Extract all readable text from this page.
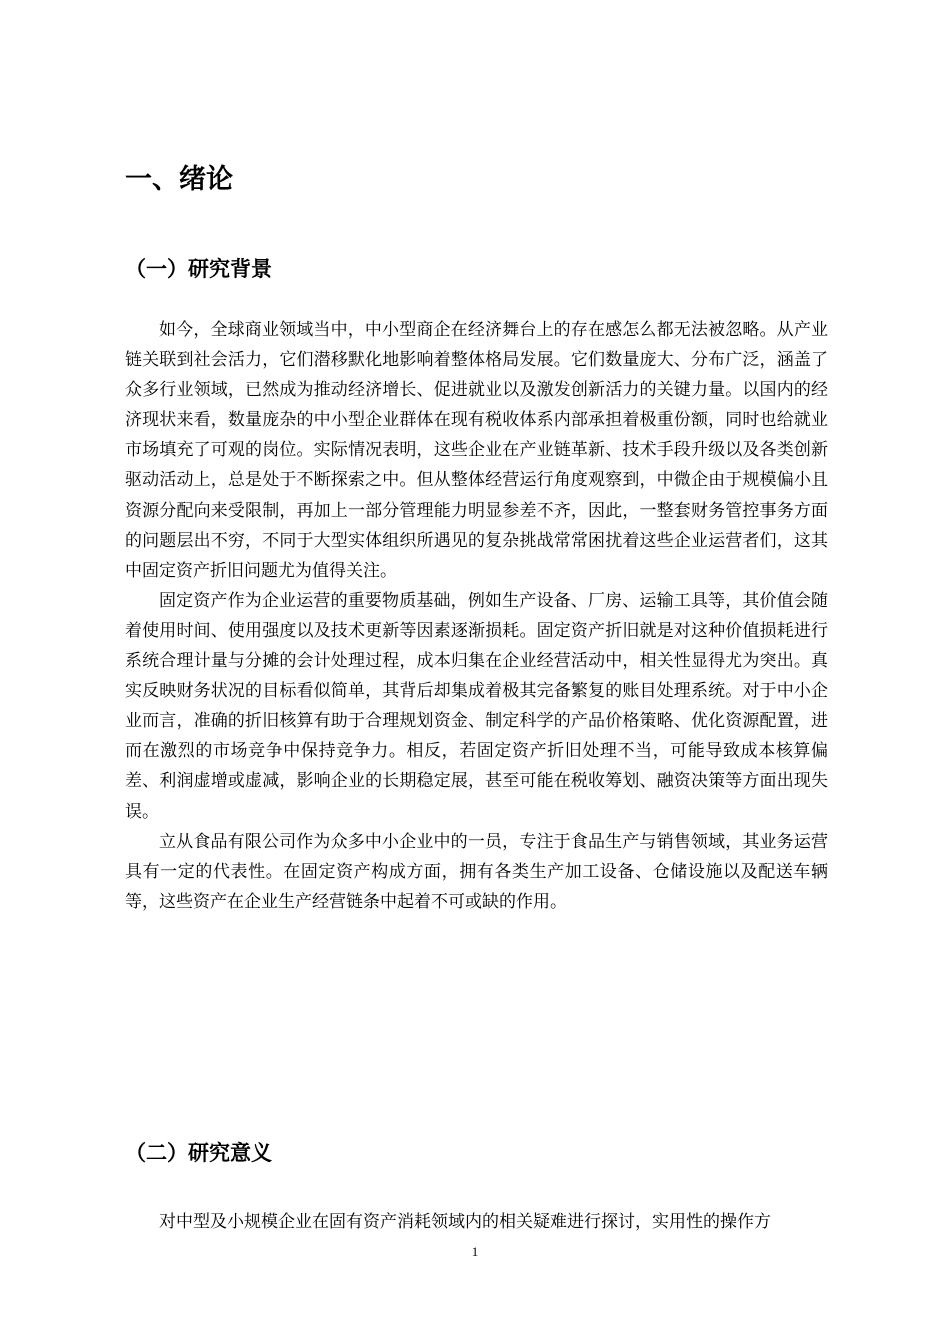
一、绪论
（一）研究背景

如今，全球商业领域当中，中小型商企在经济舞台上的存在感怎么都无法被忽略。从产业链关联到社会活力，它们潜移默化地影响着整体格局发展。它们数量庞大、分布广泛，涵盖了众多行业领域，已然成为推动经济增长、促进就业以及激发创新活力的关键力量。以国内的经济现状来看，数量庞杂的中小型企业群体在现有税收体系内部承担着极重份额，同时也给就业市场填充了可观的岗位。实际情况表明，这些企业在产业链革新、技术手段升级以及各类创新驱动活动上，总是处于不断探索之中。但从整体经营运行角度观察到，中微企由于规模偏小且资源分配向来受限制，再加上一部分管理能力明显参差不齐，因此，一整套财务管控事务方面的问题层出不穷，不同于大型实体组织所遇见的复杂挑战常常困扰着这些企业运营者们，这其中固定资产折旧问题尤为值得关注。

固定资产作为企业运营的重要物质基础，例如生产设备、厂房、运输工具等，其价值会随着使用时间、使用强度以及技术更新等因素逐渐损耗。固定资产折旧就是对这种价值损耗进行系统合理计量与分摊的会计处理过程，成本归集在企业经营活动中，相关性显得尤为突出。真实反映财务状况的目标看似简单，其背后却集成着极其完备繁复的账目处理系统。对于中小企业而言，准确的折旧核算有助于合理规划资金、制定科学的产品价格策略、优化资源配置，进而在激烈的市场竞争中保持竞争力。相反，若固定资产折旧处理不当，可能导致成本核算偏差、利润虚增或虚减，影响企业的长期稳定展，甚至可能在税收筹划、融资决策等方面出现失误。

立从食品有限公司作为众多中小企业中的一员，专注于食品生产与销售领域，其业务运营具有一定的代表性。在固定资产构成方面，拥有各类生产加工设备、仓储设施以及配送车辆等，这些资产在企业生产经营链条中起着不可或缺的作用。

（二）研究意义

对中型及小规模企业在固有资产消耗领域内的相关疑难进行探讨，实用性的操作方

1
